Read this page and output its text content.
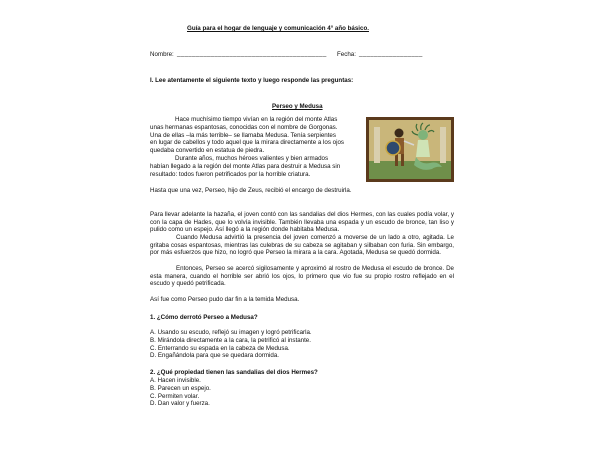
Guía para el hogar de lenguaje y comunicación 4° año básico.
Nombre: ________________________________________ Fecha: _________________
I. Lee atentamente el siguiente texto y luego responde las preguntas:
Perseo y Medusa
Hace muchísimo tiempo vivían en la región del monte Atlas
unas hermanas espantosas, conocidas con el nombre de Gorgonas.
Una de ellas –la más terrible– se llamaba Medusa. Tenía serpientes
en lugar de cabellos y todo aquel que la mirara directamente a los ojos
quedaba convertido en estatua de piedra.
Durante años, muchos héroes valientes y bien armados
habían llegado a la región del monte Atlas para destruir a Medusa sin
resultado: todos fueron petrificados por la horrible criatura.
Hasta que una vez, Perseo, hijo de Zeus, recibió el encargo de destruirla.
Para llevar adelante la hazaña, el joven contó con las sandalias del dios Hermes, con las cuales podía volar, y con la capa de Hades, que lo volvía invisible. También llevaba una espada y un escudo de bronce, tan liso y pulido como un espejo. Así llegó a la región donde habitaba Medusa.
Cuando Medusa advirtió la presencia del joven comenzó a moverse de un lado a otro, agitada. Le gritaba cosas espantosas, mientras las culebras de su cabeza se agitaban y silbaban con furia. Sin embargo, por más esfuerzos que hizo, no logró que Perseo la mirara a la cara. Agotada, Medusa se quedó dormida.
Entonces, Perseo se acercó sigilosamente y aproximó al rostro de Medusa el escudo de bronce. De esta manera, cuando el horrible ser abrió los ojos, lo primero que vio fue su propio rostro reflejado en el escudo y quedó petrificada.
Así fue como Perseo pudo dar fin a la temida Medusa.
1. ¿Cómo derrotó Perseo a Medusa?
A. Usando su escudo, reflejó su imagen y logró petrificarla.
B. Mirándola directamente a la cara, la petrificó al instante.
C. Enterrando su espada en la cabeza de Medusa.
D. Engañándola para que se quedara dormida.
2. ¿Qué propiedad tienen las sandalias del dios Hermes?
A. Hacen invisible.
B. Parecen un espejo.
C. Permiten volar.
D. Dan valor y fuerza.
